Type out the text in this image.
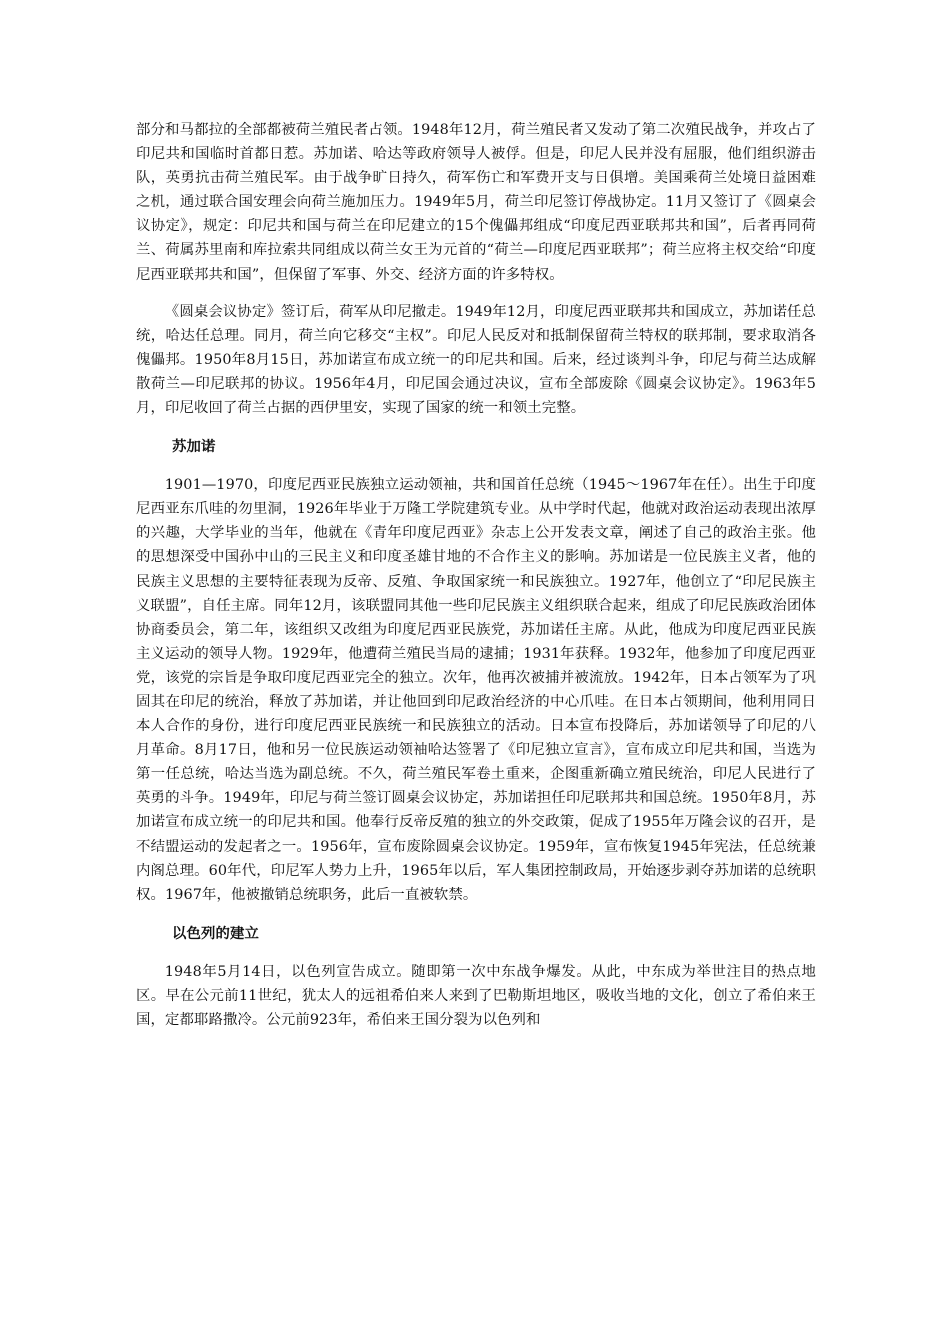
部分和马都拉的全部都被荷兰殖民者占领。1948年12月，荷兰殖民者又发动了第二次殖民战争，并攻占了印尼共和国临时首都日惹。苏加诺、哈达等政府领导人被俘。但是，印尼人民并没有屈服，他们组织游击队，英勇抗击荷兰殖民军。由于战争旷日持久，荷军伤亡和军费开支与日俱增。美国乘荷兰处境日益困难之机，通过联合国安理会向荷兰施加压力。1949年5月，荷兰印尼签订停战协定。11月又签订了《圆桌会议协定》，规定：印尼共和国与荷兰在印尼建立的15个傀儡邦组成“印度尼西亚联邦共和国”，后者再同荷兰、荷属苏里南和库拉索共同组成以荷兰女王为元首的“荷兰—印度尼西亚联邦”；荷兰应将主权交给“印度尼西亚联邦共和国”，但保留了军事、外交、经济方面的许多特权。

《圆桌会议协定》签订后，荷军从印尼撤走。1949年12月，印度尼西亚联邦共和国成立，苏加诺任总统，哈达任总理。同月，荷兰向它移交“主权”。印尼人民反对和抵制保留荷兰特权的联邦制，要求取消各傀儡邦。1950年8月15日，苏加诺宣布成立统一的印尼共和国。后来，经过谈判斗争，印尼与荷兰达成解散荷兰—印尼联邦的协议。1956年4月，印尼国会通过决议，宣布全部废除《圆桌会议协定》。1963年5月，印尼收回了荷兰占据的西伊里安，实现了国家的统一和领土完整。

苏加诺

1901—1970，印度尼西亚民族独立运动领袖，共和国首任总统（1945～1967年在任）。出生于印度尼西亚东爪哇的勿里洞，1926年毕业于万隆工学院建筑专业。从中学时代起，他就对政治运动表现出浓厚的兴趣，大学毕业的当年，他就在《青年印度尼西亚》杂志上公开发表文章，阐述了自己的政治主张。他的思想深受中国孙中山的三民主义和印度圣雄甘地的不合作主义的影响。苏加诺是一位民族主义者，他的民族主义思想的主要特征表现为反帝、反殖、争取国家统一和民族独立。1927年，他创立了“印尼民族主义联盟”，自任主席。同年12月，该联盟同其他一些印尼民族主义组织联合起来，组成了印尼民族政治团体协商委员会，第二年，该组织又改组为印度尼西亚民族党，苏加诺任主席。从此，他成为印度尼西亚民族主义运动的领导人物。1929年，他遭荷兰殖民当局的逮捕；1931年获释。1932年，他参加了印度尼西亚党，该党的宗旨是争取印度尼西亚完全的独立。次年，他再次被捕并被流放。1942年，日本占领军为了巩固其在印尼的统治，释放了苏加诺，并让他回到印尼政治经济的中心爪哇。在日本占领期间，他利用同日本人合作的身份，进行印度尼西亚民族统一和民族独立的活动。日本宣布投降后，苏加诺领导了印尼的八月革命。8月17日，他和另一位民族运动领袖哈达签署了《印尼独立宣言》，宣布成立印尼共和国，当选为第一任总统，哈达当选为副总统。不久，荷兰殖民军卷土重来，企图重新确立殖民统治，印尼人民进行了英勇的斗争。1949年，印尼与荷兰签订圆桌会议协定，苏加诺担任印尼联邦共和国总统。1950年8月，苏加诺宣布成立统一的印尼共和国。他奉行反帝反殖的独立的外交政策，促成了1955年万隆会议的召开，是不结盟运动的发起者之一。1956年，宣布废除圆桌会议协定。1959年，宣布恢复1945年宪法，任总统兼内阁总理。60年代，印尼军人势力上升，1965年以后，军人集团控制政局，开始逐步剥夺苏加诺的总统职权。1967年，他被撤销总统职务，此后一直被软禁。

以色列的建立

1948年5月14日，以色列宣告成立。随即第一次中东战争爆发。从此，中东成为举世注目的热点地区。早在公元前11世纪，犹太人的远祖希伯来人来到了巴勒斯坦地区，吸收当地的文化，创立了希伯来王国，定都耶路撒冷。公元前923年，希伯来王国分裂为以色列和
